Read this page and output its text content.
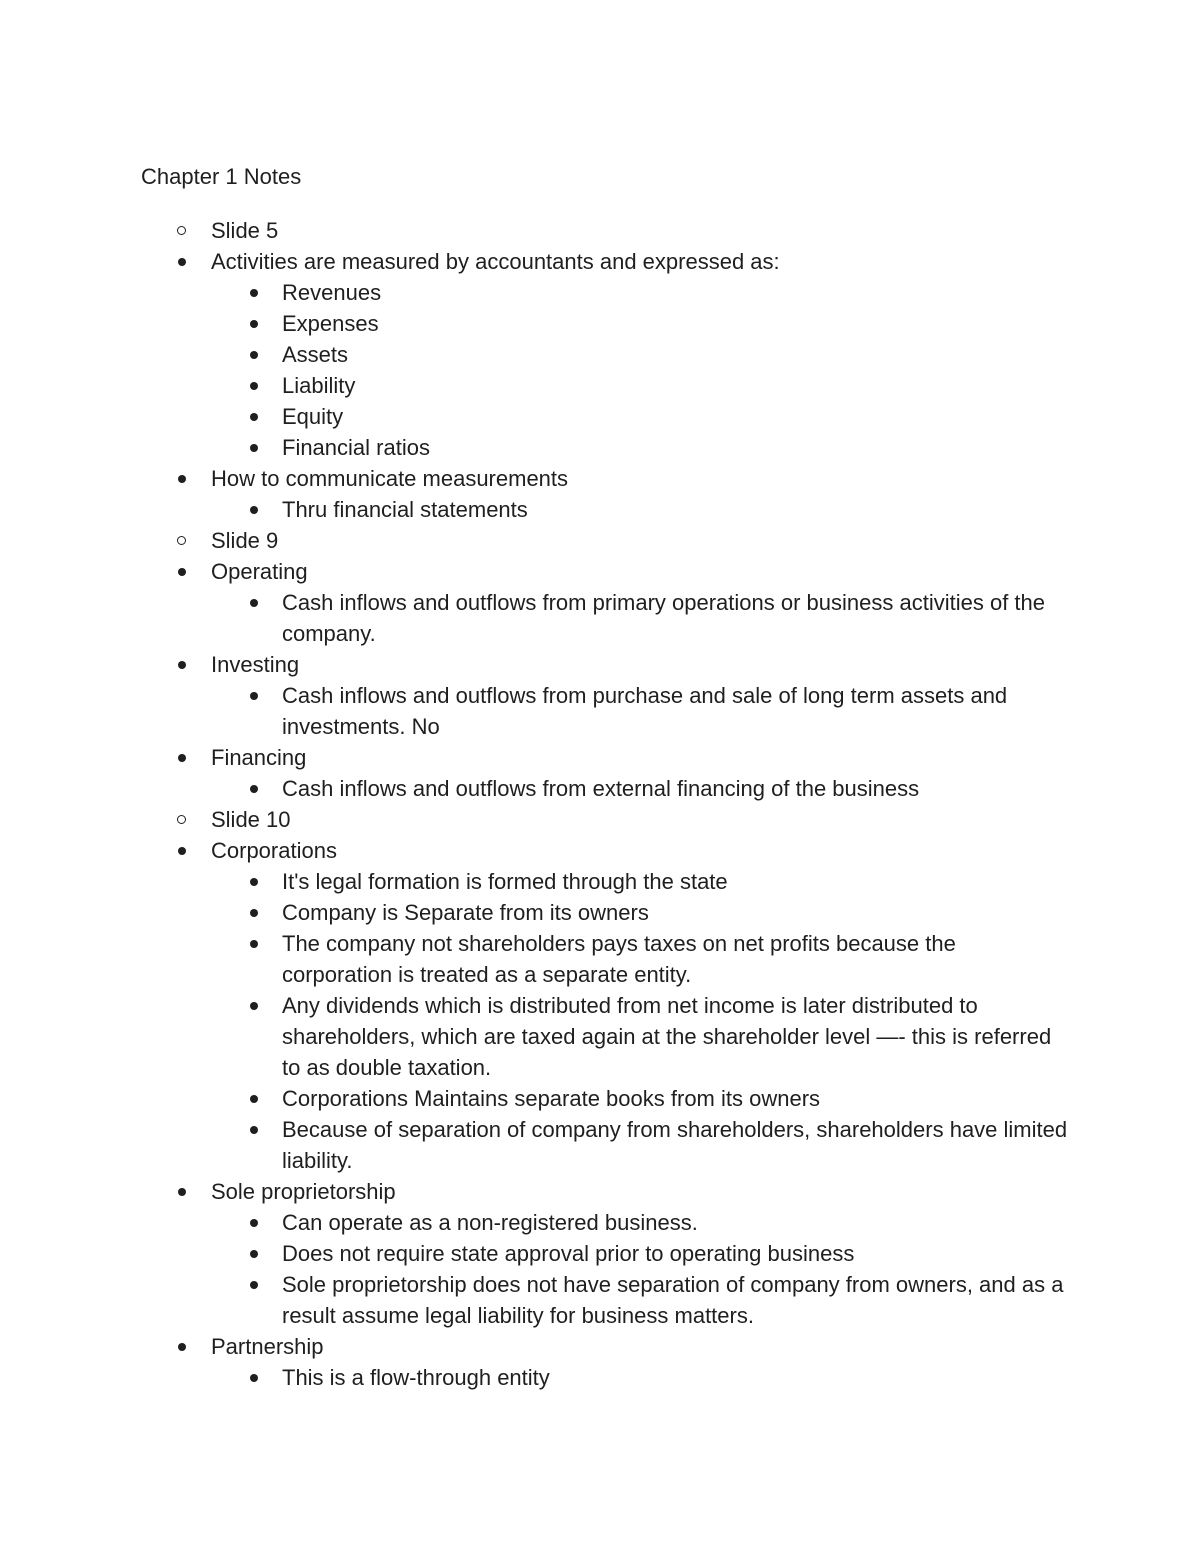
Chapter 1 Notes
Slide 5
Activities are measured by accountants and expressed as:
Revenues
Expenses
Assets
Liability
Equity
Financial ratios
How to communicate measurements
Thru financial statements
Slide 9
Operating
Cash inflows and outflows from primary operations or business activities of the company.
Investing
Cash inflows and outflows from purchase and sale of long term assets and investments. No
Financing
Cash inflows and outflows from external financing of the business
Slide 10
Corporations
It's legal formation is formed through the state
Company is Separate from its owners
The company not shareholders pays taxes on net profits because the corporation is treated as a separate entity.
Any dividends which is distributed from net income is later distributed to shareholders, which are taxed again at the shareholder level —- this is referred to as double taxation.
Corporations Maintains separate books from its owners
Because of separation of company from shareholders, shareholders have limited liability.
Sole proprietorship
Can operate as a non-registered business.
Does not require state approval prior to operating business
Sole proprietorship does not have separation of company from owners, and as a result assume legal liability for business matters.
Partnership
This is a flow-through entity
